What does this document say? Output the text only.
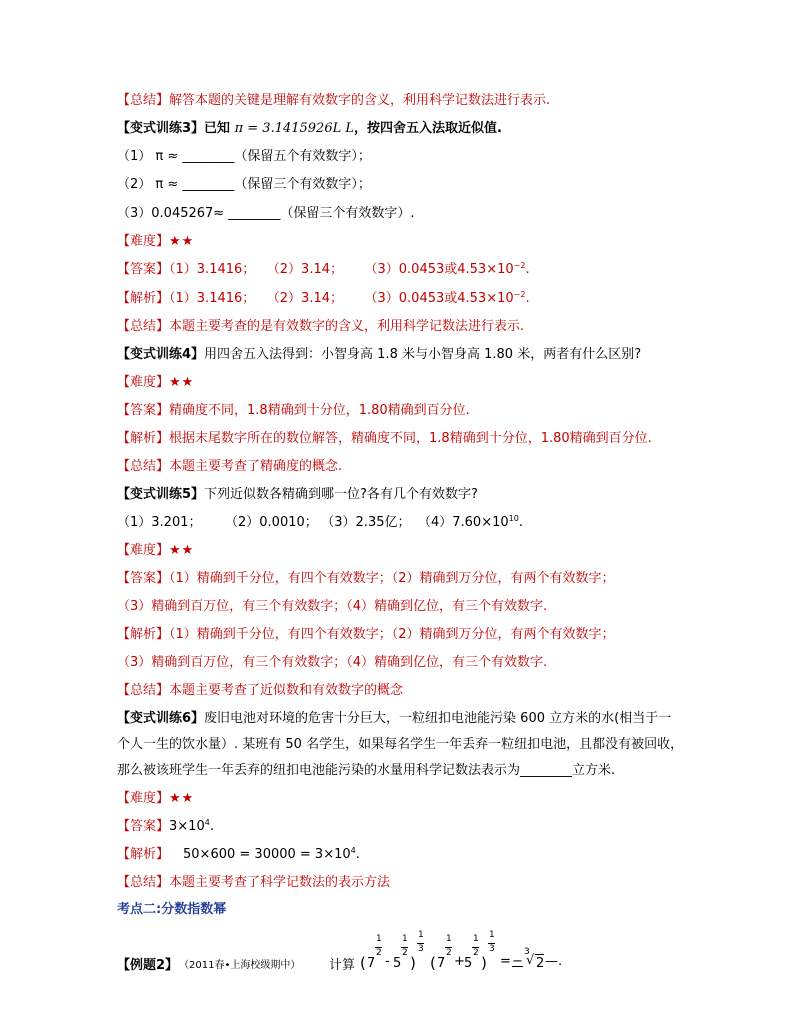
【总结】解答本题的关键是理解有效数字的含义，利用科学记数法进行表示.
【变式训练3】已知 π = 3.1415926L L，按四舍五入法取近似值.
（1） π ≈ ________（保留五个有效数字）；
（2） π ≈ ________（保留三个有效数字）；
（3）0.045267≈ ________（保留三个有效数字）.
【难度】★★
【答案】（1）3.1416； （2）3.14； （3）0.0453或$4.53\times 10^{-2}$.
【解析】（1）3.1416； （2）3.14； （3）0.0453或$4.53\times 10^{-2}$.
【总结】本题主要考查的是有效数字的含义，利用科学记数法进行表示.
【变式训练4】用四舍五入法得到：小智身高 1.8 米与小智身高 1.80 米，两者有什么区别?
【难度】★★
【答案】精确度不同，1.8精确到十分位，1.80精确到百分位.
【解析】根据末尾数字所在的数位解答，精确度不同，1.8精确到十分位，1.80精确到百分位.
【总结】本题主要考查了精确度的概念.
【变式训练5】下列近似数各精确到哪一位?各有几个有效数字?
（1）3.201； （2）0.0010； （3）2.35亿； $(4)7.60\times 10^{10}$.
【难度】★★
【答案】（1）精确到千分位，有四个有效数字；（2）精确到万分位，有两个有效数字；
（3）精确到百万位，有三个有效数字；（4）精确到亿位，有三个有效数字.
【解析】（1）精确到千分位，有四个有效数字；（2）精确到万分位，有两个有效数字；
（3）精确到百万位，有三个有效数字；（4）精确到亿位，有三个有效数字.
【总结】本题主要考查了近似数和有效数字的概念
【变式训练6】废旧电池对环境的危害十分巨大，一粒纽扣电池能污染 600 立方米的水(相当于一
个人一生的饮水量）. 某班有 50 名学生，如果每名学生一年丢弃一粒纽扣电池，且都没有被回收，
那么被该班学生一年丢弃的纽扣电池能污染的水量用科学记数法表示为________立方米.
【难度】★★
【答案】$3\times 10^4$.
【解析】 $50\times 600 = 30000 = 3\times 10^4$.
【总结】本题主要考查了科学记数法的表示方法
考点二:分数指数幂
【例题2】 （2011春•上海校级期中） 计算 ( 7
1
2
- 5
1
2
)
1
3
( 7
1
2
+ 5
1
2
)
1
3
= −
3
√ 2 —.
